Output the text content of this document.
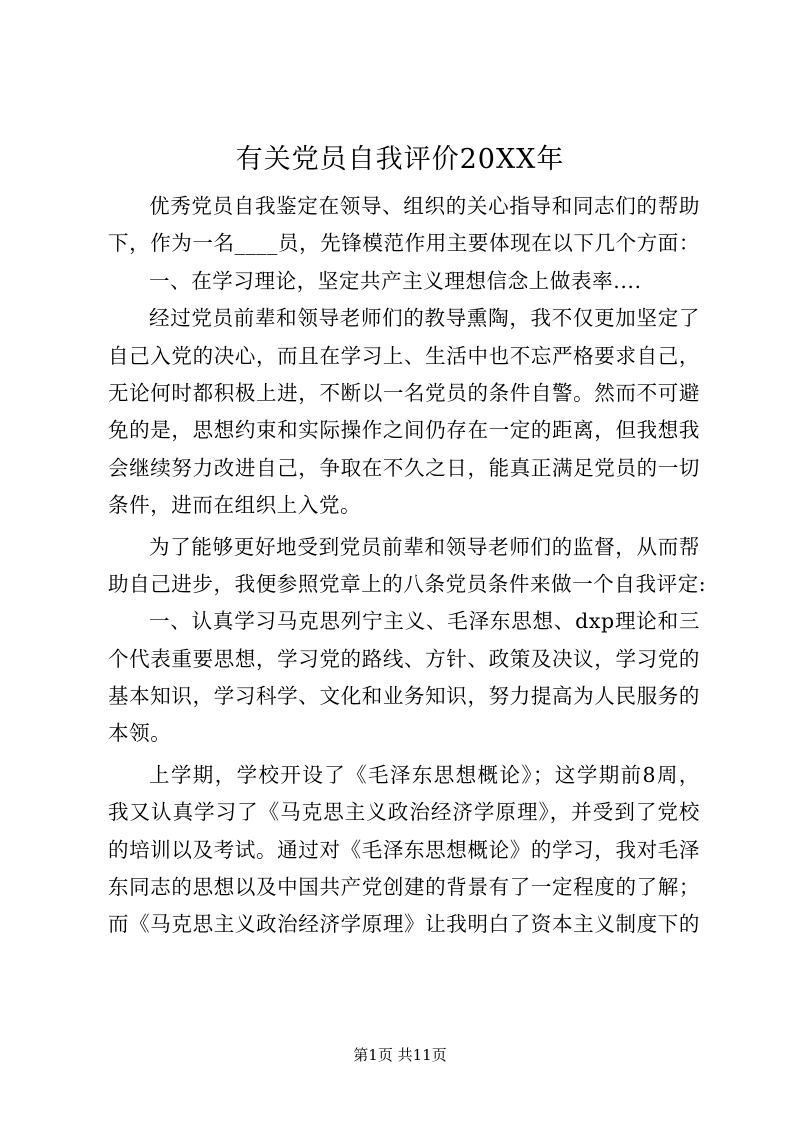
有关党员自我评价20XX年
优秀党员自我鉴定在领导、组织的关心指导和同志们的帮助
下，作为一名____员，先锋模范作用主要体现在以下几个方面：
一、在学习理论，坚定共产主义理想信念上做表率....
经过党员前辈和领导老师们的教导熏陶，我不仅更加坚定了
自己入党的决心，而且在学习上、生活中也不忘严格要求自己，
无论何时都积极上进，不断以一名党员的条件自警。然而不可避
免的是，思想约束和实际操作之间仍存在一定的距离，但我想我
会继续努力改进自己，争取在不久之日，能真正满足党员的一切
条件，进而在组织上入党。
为了能够更好地受到党员前辈和领导老师们的监督，从而帮
助自己进步，我便参照党章上的八条党员条件来做一个自我评定:
一、认真学习马克思列宁主义、毛泽东思想、dxp理论和三
个代表重要思想，学习党的路线、方针、政策及决议，学习党的
基本知识，学习科学、文化和业务知识，努力提高为人民服务的
本领。
上学期，学校开设了《毛泽东思想概论》；这学期前8周，
我又认真学习了《马克思主义政治经济学原理》，并受到了党校
的培训以及考试。通过对《毛泽东思想概论》的学习，我对毛泽
东同志的思想以及中国共产党创建的背景有了一定程度的了解；
而《马克思主义政治经济学原理》让我明白了资本主义制度下的
第1页 共11页
